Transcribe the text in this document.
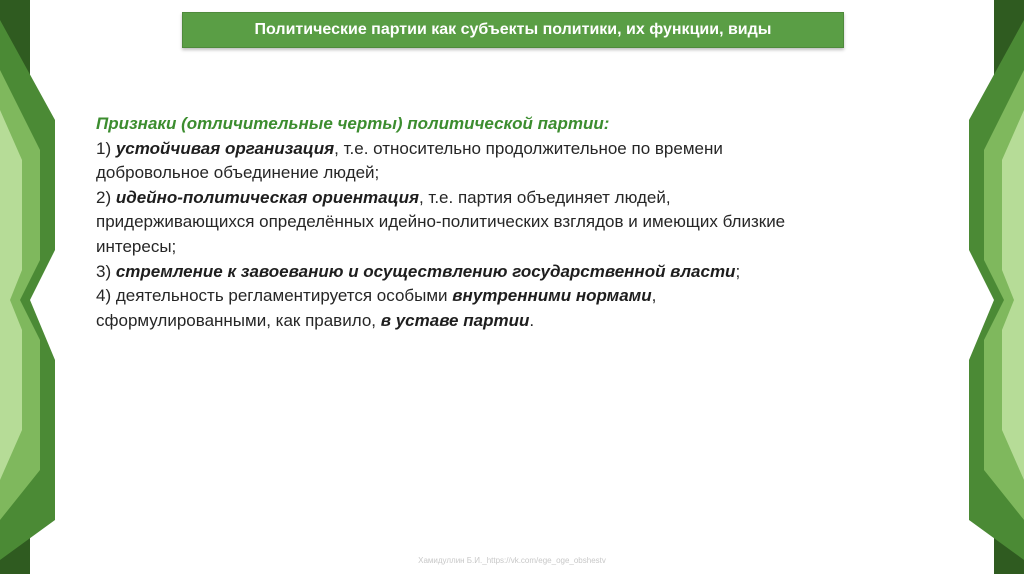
Политические партии как субъекты политики, их функции, виды
Признаки (отличительные черты) политической партии:
1) устойчивая организация, т.е. относительно продолжительное по времени
добровольное объединение людей;
2) идейно-политическая ориентация, т.е. партия объединяет людей,
придерживающихся определённых идейно-политических взглядов и имеющих близкие
интересы;
3) стремление к завоеванию и осуществлению государственной власти;
4) деятельность регламентируется особыми внутренними нормами,
сформулированными, как правило, в уставе партии.
Хамидуллин Б.И._https://vk.com/ege_oge_obshestv
